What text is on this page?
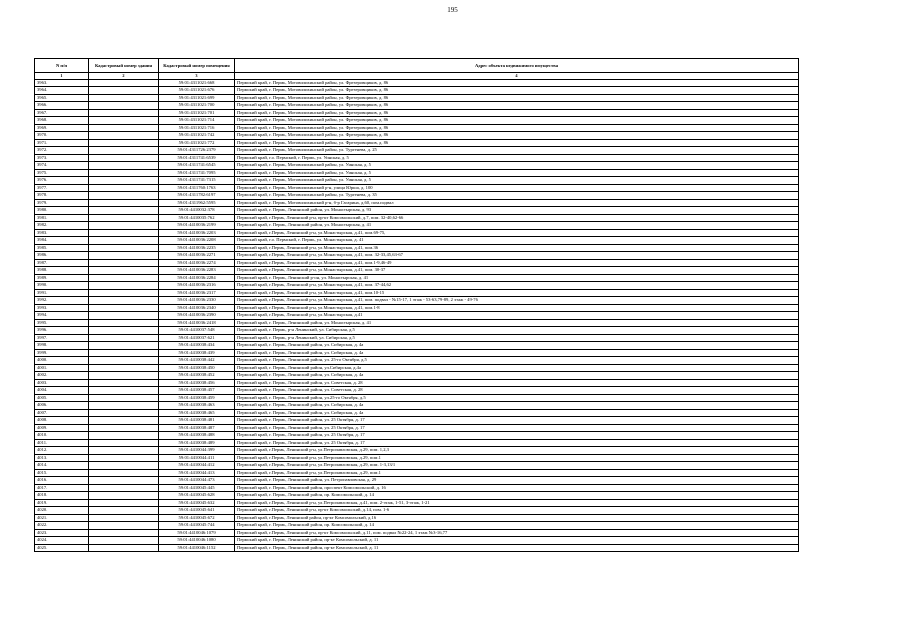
195
N п/п	Кадастровый номер здания	Кадастровый номер помещения	Адрес объекта недвижимого имущества
1	2	3	4
3963.		59:01:4311021:668	Пермский край, г. Пермь, Мотовилихинский район, ул. Фрезеровщиков, д. 86
3964.		59:01:4311021:676	Пермский край, г. Пермь, Мотовилихинский район, ул. Фрезеровщиков, д. 86
3965.		59:01:4311021:699	Пермский край, г. Пермь, Мотовилихинский район, ул. Фрезеровщиков, д. 86
3966.		59:01:4311021:700	Пермский край, г. Пермь, Мотовилихинский район, ул. Фрезеровщиков, д. 86
3967.		59:01:4311021:701	Пермский край, г. Пермь, Мотовилихинский район, ул. Фрезеровщиков, д. 86
3968.		59:01:4311021:714	Пермский край, г. Пермь, Мотовилихинский район, ул. Фрезеровщиков, д. 86
3969.		59:01:4311021:716	Пермский край, г. Пермь, Мотовилихинский район, ул. Фрезеровщиков, д. 86
3970.		59:01:4311021:742	Пермский край, г. Пермь, Мотовилихинский район, ул. Фрезеровщиков, д. 86
3971.		59:01:4311021:772	Пермский край, г. Пермь, Мотовилихинский район, ул. Фрезеровщиков, д. 86
3972.		59:01:4311726:2379	Пермский край, г. Пермь, Мотовилихинский район, ул. Тургенева, д. 25
3973.		59:01:4311741:6539	Пермский край, г.о. Пермский, г. Пермь, ул. Уинская, д. 5
3974.		59:01:4311741:6545	Пермский край, г. Пермь, Мотовилихинский район, ул. Уинская, д. 5
3975.		59:01:4311741:7095	Пермский край, г. Пермь, Мотовилихинский район, ул. Уинская, д. 5
3976.		59:01:4311741:7315	Пермский край, г. Пермь, Мотовилихинский район, ул. Уинская, д. 5
3977.		59:01:4311760:1763	Пермский край, г. Пермь, Мотовилихинский р-н, улица Юрша, д. 100
3978.		59:01:4311782:6197	Пермский край, г. Пермь, Мотовилихинский район, ул. Тургенева, д. 35
3979.		59:01:4311962:5595	Пермский край, г. Пермь, Мотовилихинский р-н, б-р Гагарина, д.60, пом.подвал
3980.		59:01:4410032:378	Пермский край, г. Пермь, Ленинский район, ул. Монастырская, д. 93
3981.		59:01:4410035:762	Пермский край, г.Пермь, Ленинский р-н, пр-кт Комсомольский, д.7, пом. 32-40,62-66
3982.		59:01:4410036:2199	Пермский край, г. Пермь, Ленинский район, ул. Монастырская, д. 41
3983.		59:01:4410036:2203	Пермский край, г.Пермь, Ленинский р-н, ул.Монастырская, д.41, пом.69-75,
3984.		59:01:4410036:2208	Пермский край, г.о. Пермский, г. Пермь, ул. Монастырская, д. 41
3985.		59:01:4410036:2235	Пермский край, г.Пермь, Ленинский р-н, ул.Монастырская, д.41, пом.36
3986.		59:01:4410036:2271	Пермский край, г.Пермь, Ленинский р-н, ул.Монастырская, д.41, пом. 32-33,45,63-67
3987.		59:01:4410036:2274	Пермский край, г.Пермь, Ленинский р-н, ул.Монастырская, д.41, пом.1-9,46-49
3988.		59:01:4410036:2283	Пермский край, г.Пермь, Ленинский р-н, ул.Монастырская, д.41, пом. 30-37
3989.		59:01:4410036:2284	Пермский край, г. Пермь, Ленинский р-он, ул. Монастырская, д. 41
3990.		59:01:4410036:2316	Пермский край, г.Пермь, Ленинский р-н, ул.Монастырская, д.41, пом. 37-44,62
3991.		59:01:4410036:2317	Пермский край, г.Пермь, Ленинский р-н, ул.Монастырская, д.41, пом.10-15
3992.		59:01:4410036:2330	Пермский край, г.Пермь, Ленинский р-н, ул.Монастырская, д.41, пом. подвал - №15-17, 1 этаж - 53-63,79-89, 2 этаж - 49-76
3993.		59:01:4410036:2340	Пермский край, г.Пермь, Ленинский р-н, ул.Монастырская, д.41, пом.1-8
3994.		59:01:4410036:2390	Пермский край, г.Пермь, Ленинский р-н, ул.Монастырская, д.41
3995.		59:01:4410036:2418	Пермский край, г. Пермь, Ленинский район, ул. Монастырская, д. 41
3996.		59:01:4410037:548	Пермский край, г. Пермь, р-н Ленинский, ул. Сибирская, д.5
3997.		59:01:4410037:621	Пермский край, г. Пермь, р-н Ленинский, ул. Сибирская, д.5
3998.		59:01:4410038:434	Пермский край, г. Пермь, Ленинский район, ул. Сибирская, д. 4а
3999.		59:01:4410038:439	Пермский край, г. Пермь, Ленинский район, ул. Сибирская, д. 4а
4000.		59:01:4410038:442	Пермский край, г. Пермь, Ленинский район, ул. 25-го Октября, д.5
4001.		59:01:4410038:450	Пермский край, г. Пермь, Ленинский район, ул.Сибирская, д.4а
4002.		59:01:4410038:452	Пермский край, г. Пермь, Ленинский район, ул. Сибирская, д. 4а
4003.		59:01:4410038:456	Пермский край, г. Пермь, Ленинский район, ул. Советская, д. 28
4004.		59:01:4410038:457	Пермский край, г. Пермь, Ленинский район, ул. Советская, д. 28
4005.		59:01:4410038:459	Пермский край, г. Пермь, Ленинский район, ул.25-го Октября, д.5
4006.		59:01:4410038:463	Пермский край, г. Пермь, Ленинский район, ул. Сибирская, д. 4а
4007.		59:01:4410038:465	Пермский край, г. Пермь, Ленинский район, ул. Сибирская, д. 4а
4008.		59:01:4410038:481	Пермский край, г. Пермь, Ленинский район, ул. 25 Октября, д. 17
4009.		59:01:4410038:487	Пермский край, г. Пермь, Ленинский район, ул. 25 Октября, д. 17
4010.		59:01:4410038:488	Пермский край, г. Пермь, Ленинский район, ул. 25 Октября, д. 17
4011.		59:01:4410038:489	Пермский край, г. Пермь, Ленинский район, ул. 25 Октября, д. 17
4012.		59:01:4410044:399	Пермский край, г.Пермь, Ленинский р-н, ул.Петропавловская, д.29, пом. 1,2,3
4013.		59:01:4410044:411	Пермский край, г.Пермь, Ленинский р-н, ул.Петропавловская, д.29, пом.1
4014.		59:01:4410044:412	Пермский край, г.Пермь, Ленинский р-н, ул.Петропавловская, д.29, пом. 1-3,13/1
4015.		59:01:4410044:413	Пермский край, г.Пермь, Ленинский р-н, ул.Петропавловская, д.29, пом.1
4016.		59:01:4410044:473	Пермский край, г. Пермь, Ленинский район, ул. Петропавловская, д. 29
4017.		59:01:4410045:445	Пермский край, г. Пермь, Ленинский район, проспект Комсомольский, д. 16
4018.		59:01:4410045:628	Пермский край, г. Пермь, Ленинский район, пр. Комсомольский, д. 14
4019.		59:01:4410045:632	Пермский край, г.Пермь, Ленинский р-н, ул.Петропавловская, д.41, пом. 2-этаж, 1-51, 3-этаж, 1-21
4020.		59:01:4410045:641	Пермский край, г.Пермь, Ленинский р-н, пр-кт Комсомольский, д.14, пом. 1-6
4021.		59:01:4410045:672	Пермский край, г.Пермь, Ленинский район, пр-кт Комсомольский, д.16
4022.		59:01:4410045:744	Пермский край, г. Пермь, Ленинский район, пр. Комсомольский, д. 14
4023.		59:01:4410046:1079	Пермский край, г.Пермь, Ленинский р-н, пр-кт Комсомольский, д.11, пом. подвал №22-24, 1 этаж №3-16,77
4024.		59:01:4410046:1080	Пермский край, г. Пермь, Ленинский район, пр-кт Комсомольский, д. 11
4025.		59:01:4410046:1152	Пермский край, г. Пермь, Ленинский район, пр-кт Комсомольский, д. 11
